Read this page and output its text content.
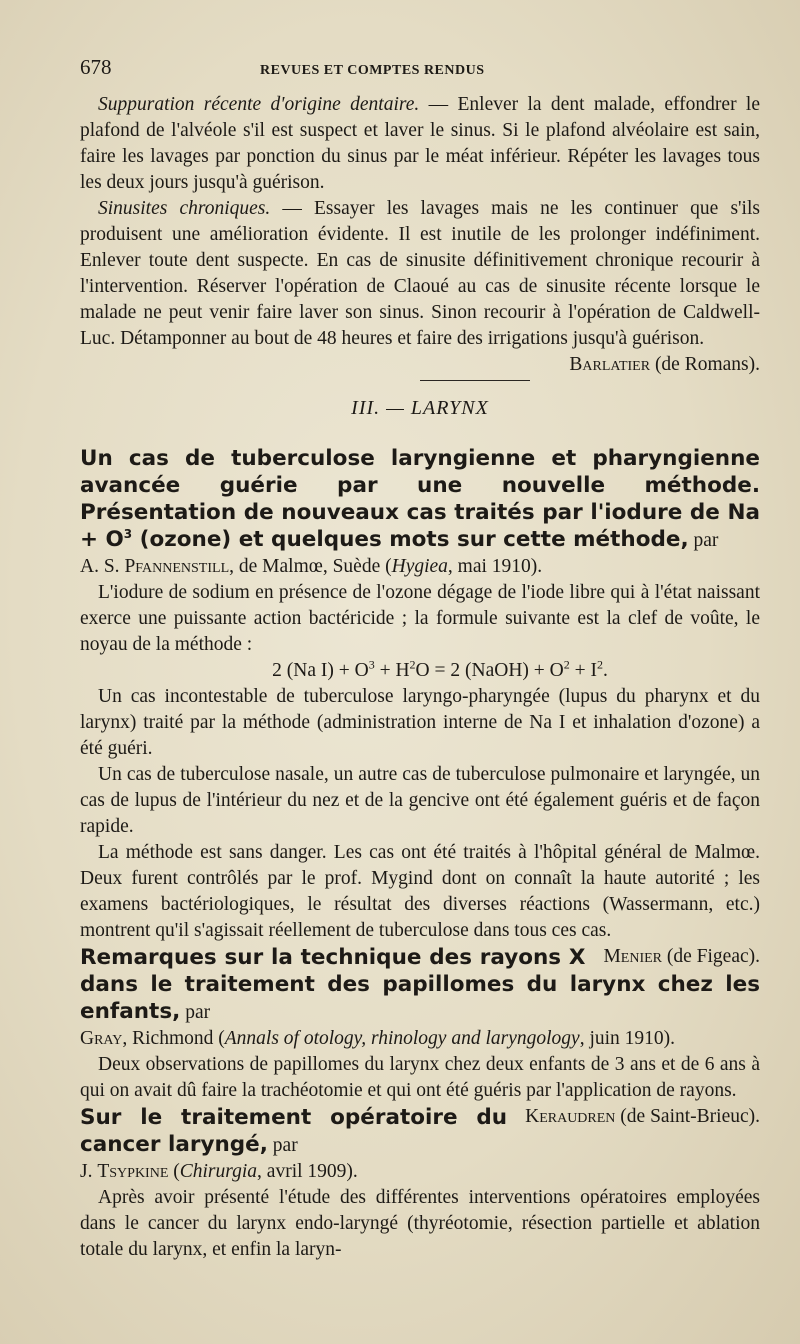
678	REVUES ET COMPTES RENDUS

Suppuration récente d'origine dentaire. — Enlever la dent malade, effondrer le plafond de l'alvéole s'il est suspect et laver le sinus. Si le plafond alvéolaire est sain, faire les lavages par ponction du sinus par le méat inférieur. Répéter les lavages tous les deux jours jusqu'à guérison.

Sinusites chroniques. — Essayer les lavages mais ne les continuer que s'ils produisent une amélioration évidente. Il est inutile de les prolonger indéfiniment. Enlever toute dent suspecte. En cas de sinusite définitivement chronique recourir à l'intervention. Réserver l'opération de Claoué au cas de sinusite récente lorsque le malade ne peut venir faire laver son sinus. Sinon recourir à l'opération de Caldwell-Luc. Détamponner au bout de 48 heures et faire des irrigations jusqu'à guérison.

Barlatier (de Romans).
III. — LARYNX

Un cas de tuberculose laryngienne et pharyngienne avancée guérie par une nouvelle méthode. Présentation de nouveaux cas traités par l'iodure de $Na + O^3$ (ozone) et quelques mots sur cette méthode, par

A. S. Pfannenstill, de Malmœ, Suède (Hygiea, mai 1910).

L'iodure de sodium en présence de l'ozone dégage de l'iode libre qui à l'état naissant exerce une puissante action bactéricide ; la formule suivante est la clef de voûte, le noyau de la méthode :

2 (Na $I) + O^3 + H^2O = 2$ (NaOH) + $O^2 + I^2$.

Un cas incontestable de tuberculose laryngo-pharyngée (lupus du pharynx et du larynx) traité par la méthode (administration interne de Na I et inhalation d'ozone) a été guéri.

Un cas de tuberculose nasale, un autre cas de tuberculose pulmonaire et laryngée, un cas de lupus de l'intérieur du nez et de la gencive ont été également guéris et de façon rapide.

La méthode est sans danger. Les cas ont été traités à l'hôpital général de Malmœ. Deux furent contrôlés par le prof. Mygind dont on connaît la haute autorité ; les examens bactériologiques, le résultat des diverses réactions (Wassermann, etc.) montrent qu'il s'agissait réellement de tuberculose dans tous ces cas.
Menier (de Figeac).

Remarques sur la technique des rayons X dans le traitement des papillomes du larynx chez les enfants, par

Gray, Richmond (Annals of otology, rhinology and laryngology, juin 1910).

Deux observations de papillomes du larynx chez deux enfants de 3 ans et de 6 ans à qui on avait dû faire la trachéotomie et qui ont été guéris par l'application de rayons.
Keraudren (de Saint-Brieuc).

Sur le traitement opératoire du cancer laryngé, par

J. Tsypkine (Chirurgia, avril 1909).

Après avoir présenté l'étude des différentes interventions opératoires employées dans le cancer du larynx endo-laryngé (thyréotomie, résection partielle et ablation totale du larynx, et enfin la laryn-
